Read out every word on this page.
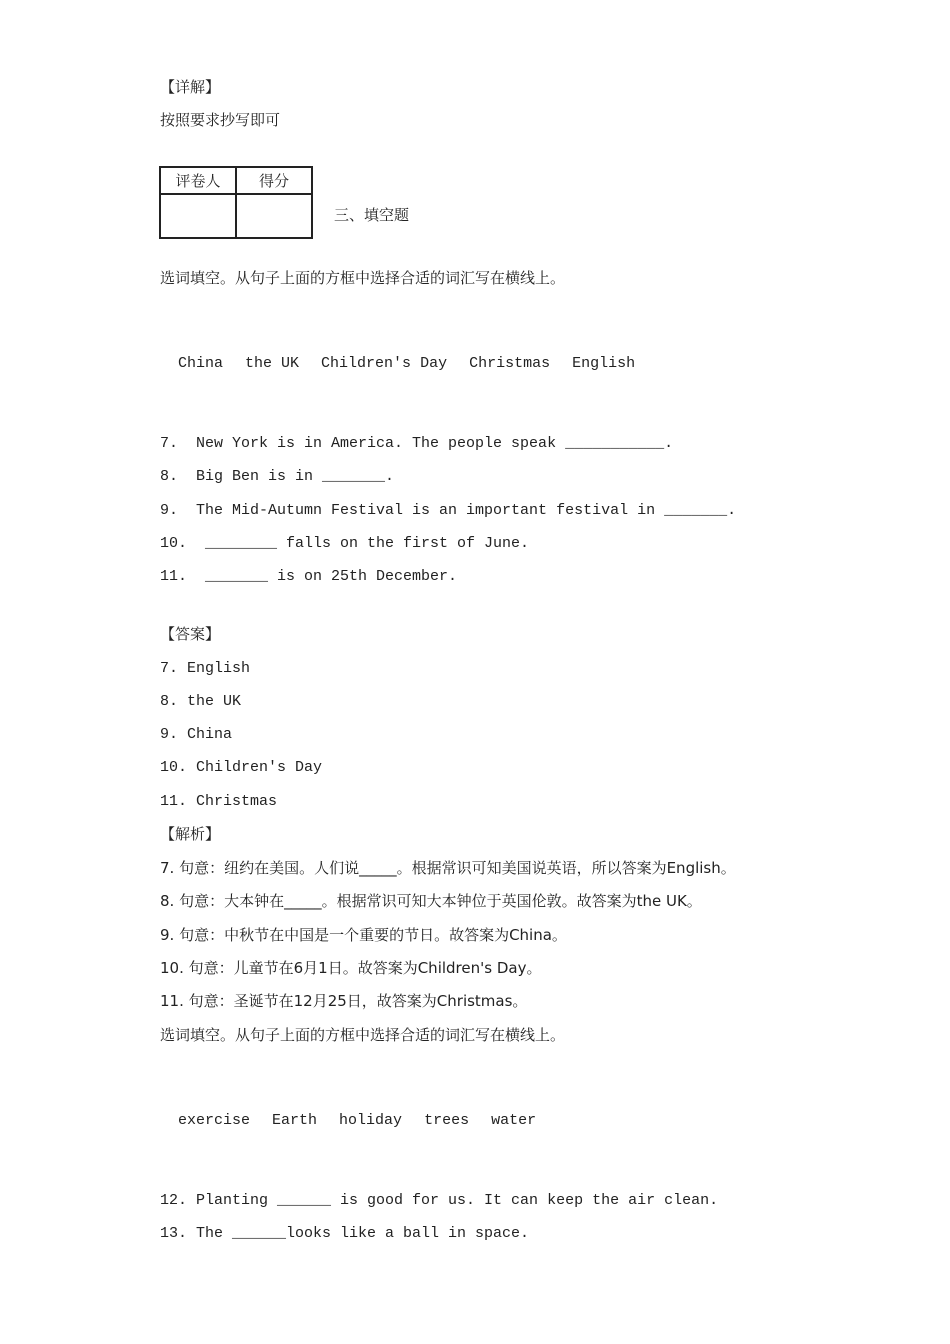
【详解】
按照要求抄写即可
评卷人	得分

三、填空题
选词填空。从句子上面的方框中选择合适的词汇写在横线上。

China the UK Children's Day Christmas English

7.  New York is in America. The people speak ___________.
8.  Big Ben is in _______.
9.  The Mid-Autumn Festival is an important festival in _______.
10.  ________ falls on the first of June.
11.  _______ is on 25th December.
【答案】
7. English
8. the UK
9. China
10. Children's Day
11. Christmas
【解析】
7. 句意：纽约在美国。人们说_____。根据常识可知美国说英语，所以答案为English。
8. 句意：大本钟在_____。根据常识可知大本钟位于英国伦敦。故答案为the UK。
9. 句意：中秋节在中国是一个重要的节日。故答案为China。
10. 句意：儿童节在6月1日。故答案为Children's Day。
11. 句意：圣诞节在12月25日，故答案为Christmas。
选词填空。从句子上面的方框中选择合适的词汇写在横线上。

exercise Earth holiday trees water

12. Planting ______ is good for us. It can keep the air clean.
13. The ______looks like a ball in space.
